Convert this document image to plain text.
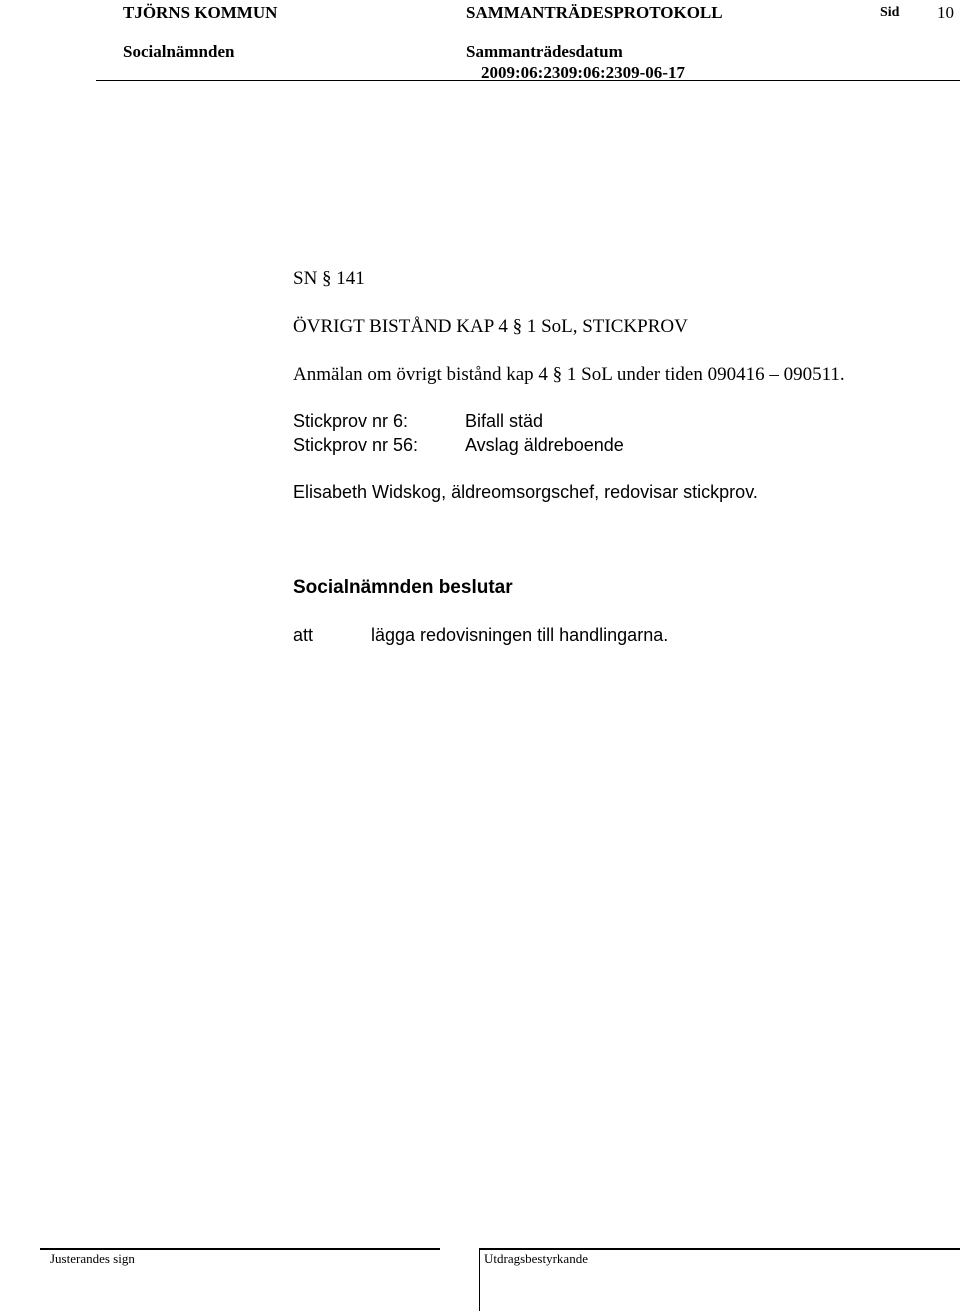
TJÖRNS KOMMUN	SAMMANTRÄDESPROTOKOLL	Sid 10
Socialnämnden	Sammanträdesdatum
2009:06:2309:06:2309-06-17
SN § 141
ÖVRIGT BISTÅND KAP 4 § 1 SoL, STICKPROV
Anmälan om övrigt bistånd kap 4 § 1 SoL under tiden 090416 – 090511.
Stickprov nr 6:	Bifall städ
Stickprov nr 56:	Avslag äldreboende
Elisabeth Widskog, äldreomsorgschef, redovisar stickprov.
Socialnämnden beslutar
att	lägga redovisningen till handlingarna.
Justerandes sign	Utdragsbestyrkande
